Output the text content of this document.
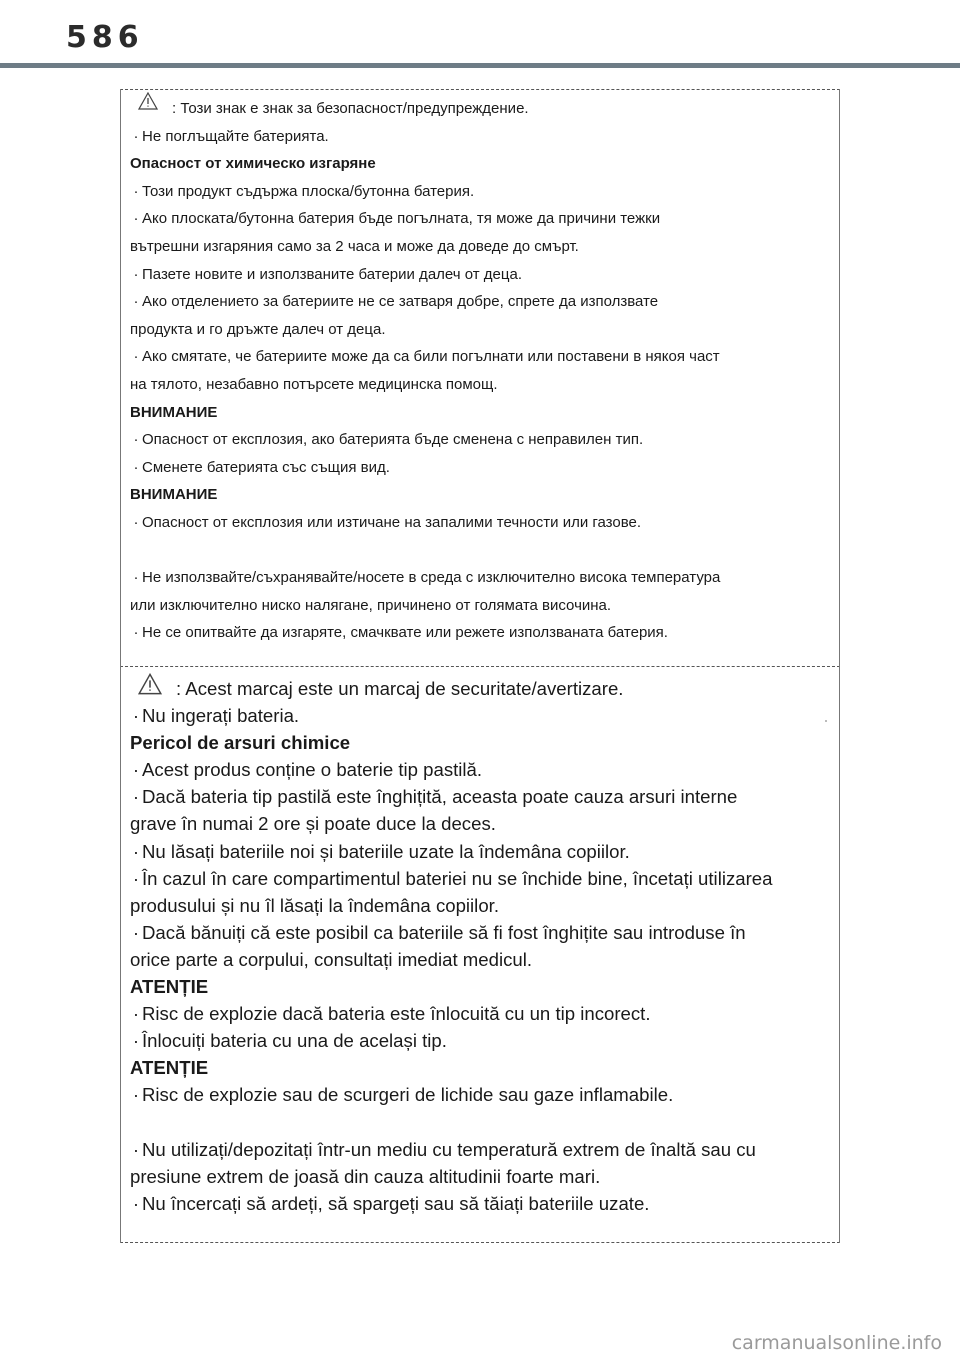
586
: Този знак е знак за безопасност/предупреждение.
· Не поглъщайте батерията.
Опасност от химическо изгаряне
· Този продукт съдържа плоска/бутонна батерия.
· Ако плоската/бутонна батерия бъде погълната, тя може да причини тежки
вътрешни изгаряния само за 2 часа и може да доведе до смърт.
· Пазете новите и използваните батерии далеч от деца.
· Ако отделението за батериите не се затваря добре, спрете да използвате
продукта и го дръжте далеч от деца.
· Ако смятате, че батериите може да са били погълнати или поставени в някоя част
на тялото, незабавно потърсете медицинска помощ.
ВНИМАНИЕ
· Опасност от експлозия, ако батерията бъде сменена с неправилен тип.
· Сменете батерията със същия вид.
ВНИМАНИЕ
· Опасност от експлозия или изтичане на запалими течности или газове.
· Не използвайте/съхранявайте/носете в среда с изключително висока температура
или изключително ниско налягане, причинено от голямата височина.
· Не се опитвайте да изгаряте, смачквате или режете използваната батерия.
: Acest marcaj este un marcaj de securitate/avertizare.
· Nu ingerați bateria.
Pericol de arsuri chimice
· Acest produs conține o baterie tip pastilă.
· Dacă bateria tip pastilă este înghițită, aceasta poate cauza arsuri interne
grave în numai 2 ore și poate duce la deces.
· Nu lăsați bateriile noi și bateriile uzate la îndemâna copiilor.
· În cazul în care compartimentul bateriei nu se închide bine, încetați utilizarea
produsului și nu îl lăsați la îndemâna copiilor.
· Dacă bănuiți că este posibil ca bateriile să fi fost înghițite sau introduse în
orice parte a corpului, consultați imediat medicul.
ATENȚIE
· Risc de explozie dacă bateria este înlocuită cu un tip incorect.
· Înlocuiți bateria cu una de același tip.
ATENȚIE
· Risc de explozie sau de scurgeri de lichide sau gaze inflamabile.
· Nu utilizați/depozitați într-un mediu cu temperatură extrem de înaltă sau cu
presiune extrem de joasă din cauza altitudinii foarte mari.
· Nu încercați să ardeți, să spargeți sau să tăiați bateriile uzate.
carmanualsonline.info
